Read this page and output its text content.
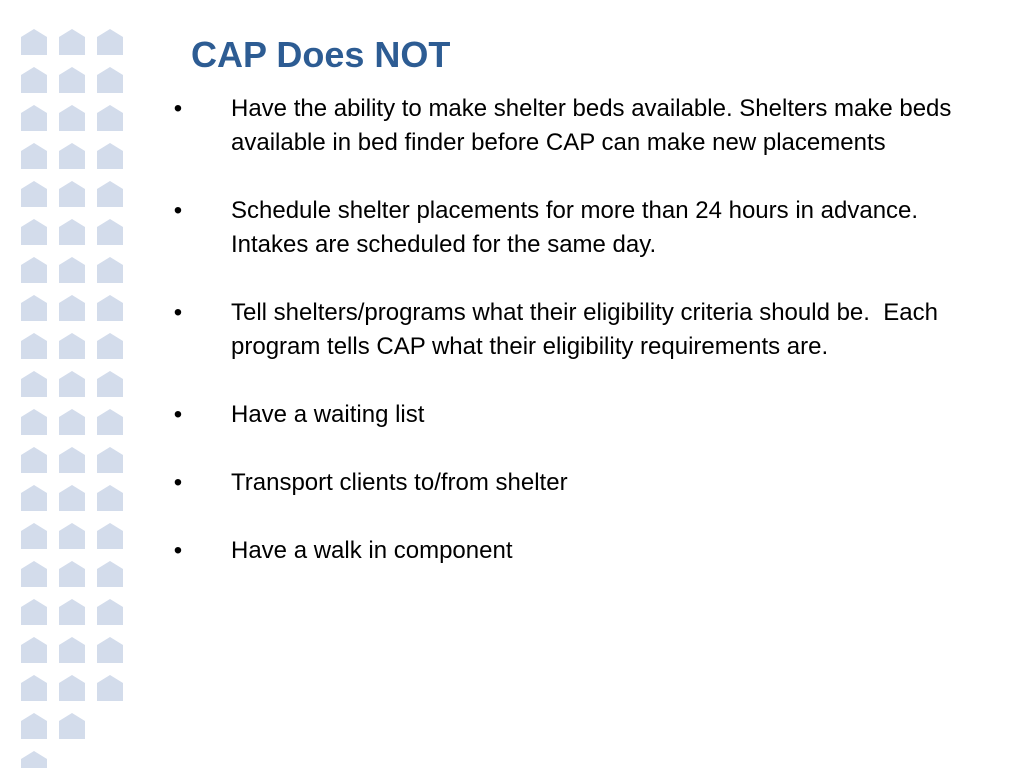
CAP Does NOT
• Have the ability to make shelter beds available. Shelters make beds available in bed finder before CAP can make new placements
• Schedule shelter placements for more than 24 hours in advance.  Intakes are scheduled for the same day.
• Tell shelters/programs what their eligibility criteria should be.  Each program tells CAP what their eligibility requirements are.
• Have a waiting list
• Transport clients to/from shelter
• Have a walk in component
